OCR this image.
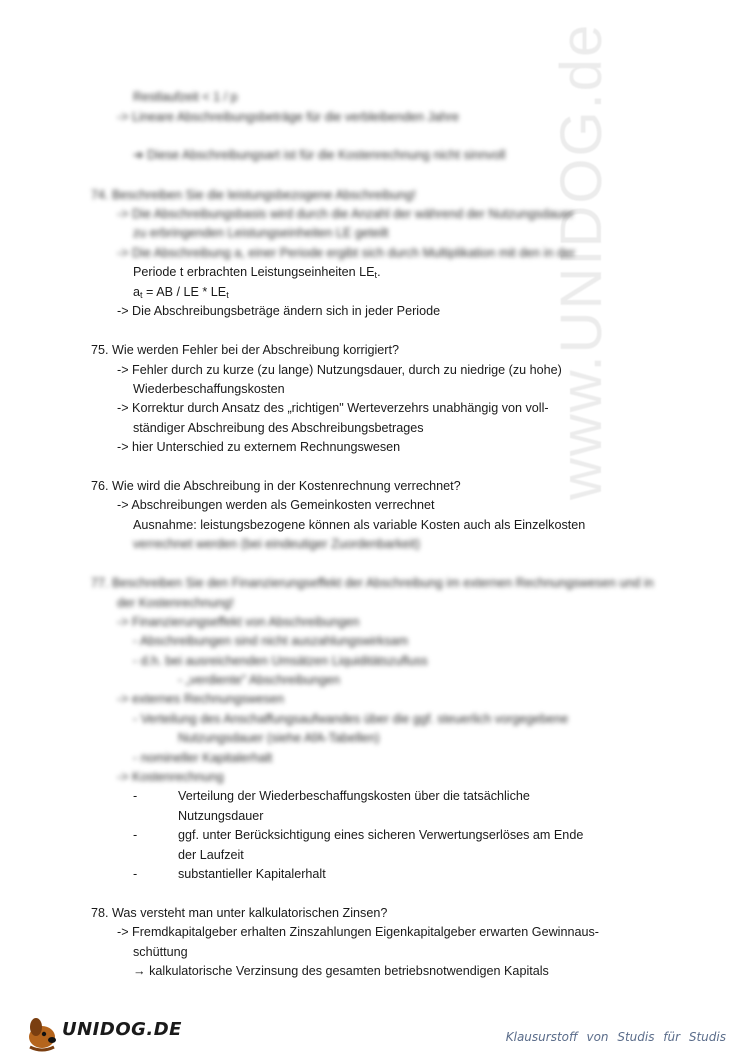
www.UNIDOG.de
Restlaufzeit < 1 / p
-> Lineare Abschreibungsbeträge für die verbleibenden Jahre
➔ Diese Abschreibungsart ist für die Kostenrechnung nicht sinnvoll
74. Beschreiben Sie die leistungsbezogene Abschreibung!
-> Die Abschreibungsbasis wird durch die Anzahl der während der Nutzungsdauer
zu erbringenden Leistungseinheiten LE geteilt
-> Die Abschreibung a, einer Periode ergibt sich durch Multiplikation mit den in der
Periode t erbrachten Leistungseinheiten $LE_t$.
$a_t$ = AB / LE * $LE_t$
-> Die Abschreibungsbeträge ändern sich in jeder Periode
75. Wie werden Fehler bei der Abschreibung korrigiert?
-> Fehler durch zu kurze (zu lange) Nutzungsdauer, durch zu niedrige (zu hohe)
Wiederbeschaffungskosten
-> Korrektur durch Ansatz des „richtigen" Werteverzehrs unabhängig von voll-
ständiger Abschreibung des Abschreibungsbetrages
-> hier Unterschied zu externem Rechnungswesen
76. Wie wird die Abschreibung in der Kostenrechnung verrechnet?
-> Abschreibungen werden als Gemeinkosten verrechnet
Ausnahme: leistungsbezogene können als variable Kosten auch als Einzelkosten
verrechnet werden (bei eindeutiger Zuordenbarkeit)
77. Beschreiben Sie den Finanzierungseffekt der Abschreibung im externen Rechnungswesen und in
der Kostenrechnung!
-> Finanzierungseffekt von Abschreibungen
- Abschreibungen sind nicht auszahlungswirksam
- d.h. bei ausreichenden Umsätzen Liquiditätszufluss
- „verdiente" Abschreibungen
-> externes Rechnungswesen
- Verteilung des Anschaffungsaufwandes über die ggf. steuerlich vorgegebene
Nutzungsdauer (siehe AfA-Tabellen)
- nomineller Kapitalerhalt
-> Kostenrechnung
-	Verteilung der Wiederbeschaffungskosten über die tatsächliche
Nutzungsdauer
-	ggf. unter Berücksichtigung eines sicheren Verwertungserlöses am Ende
der Laufzeit
-	substantieller Kapitalerhalt
78. Was versteht man unter kalkulatorischen Zinsen?
-> Fremdkapitalgeber erhalten Zinszahlungen Eigenkapitalgeber erwarten Gewinnaus-
schüttung
→ kalkulatorische Verzinsung des gesamten betriebsnotwendigen Kapitals
UNIDOG.DE	Klausurstoff von Studis für Studis
